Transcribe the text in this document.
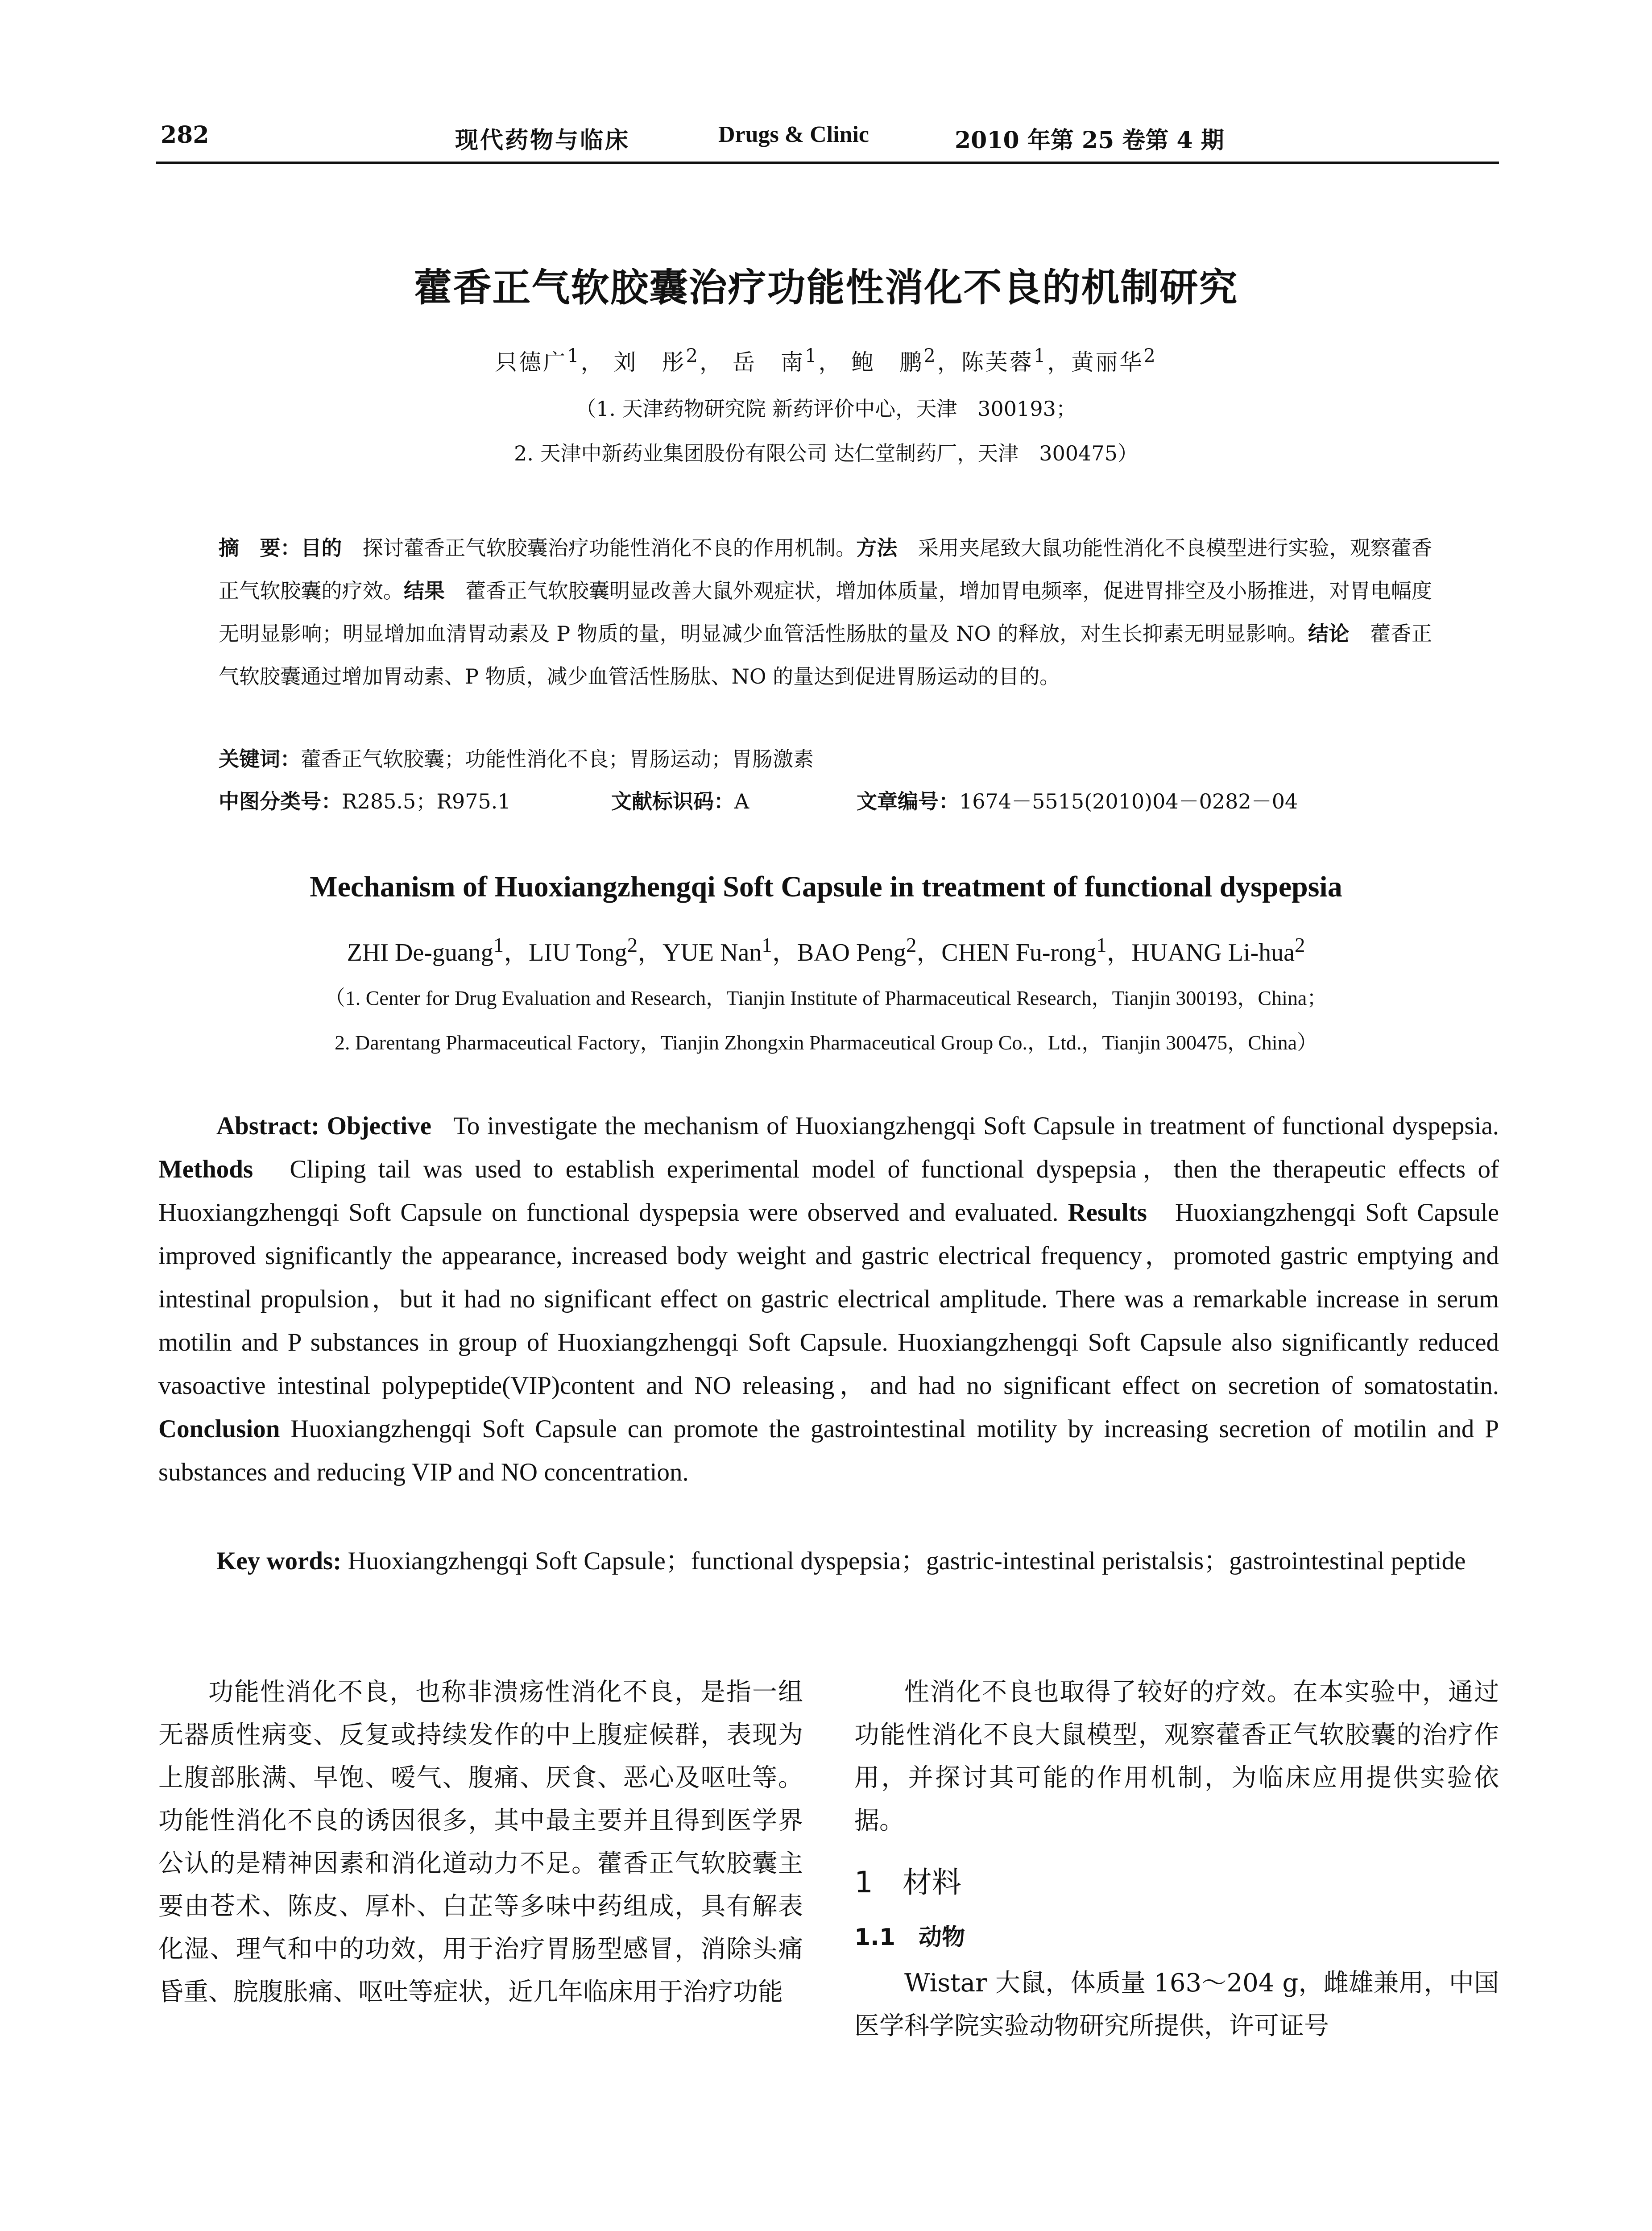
282	现代药物与临床	Drugs & Clinic	2010 年第 25 卷第 4 期
藿香正气软胶囊治疗功能性消化不良的机制研究
只德广$^1$， 刘　彤$^2$， 岳　南$^1$， 鲍　鹏$^2$，陈芙蓉$^1$，黄丽华$^2$
（1. 天津药物研究院 新药评价中心，天津　300193；
2. 天津中新药业集团股份有限公司 达仁堂制药厂，天津　300475）
摘　要：目的　 探讨藿香正气软胶囊治疗功能性消化不良的作用机制。方法　 采用夹尾致大鼠功能性消化不良模型进行实验，观察藿香正气软胶囊的疗效。结果　 藿香正气软胶囊明显改善大鼠外观症状，增加体质量，增加胃电频率，促进胃排空及小肠推进，对胃电幅度无明显影响；明显增加血清胃动素及 P 物质的量，明显减少血管活性肠肽的量及 NO 的释放，对生长抑素无明显影响。结论　 藿香正气软胶囊通过增加胃动素、P 物质，减少血管活性肠肽、NO 的量达到促进胃肠运动的目的。
关键词：藿香正气软胶囊；功能性消化不良；胃肠运动；胃肠激素
中图分类号：R285.5；R975.1	文献标识码：A	文章编号：1674－5515(2010)04－0282－04
Mechanism of Huoxiangzhengqi Soft Capsule in treatment of functional dyspepsia
ZHI De-guang$^1$，LIU Tong$^2$，YUE Nan$^1$，BAO Peng$^2$，CHEN Fu-rong$^1$，HUANG Li-hua$^2$
（1. Center for Drug Evaluation and Research，Tianjin Institute of Pharmaceutical Research，Tianjin 300193，China；
2. Darentang Pharmaceutical Factory，Tianjin Zhongxin Pharmaceutical Group Co.，Ltd.，Tianjin 300475，China）
Abstract: Objective To investigate the mechanism of Huoxiangzhengqi Soft Capsule in treatment of functional dyspepsia. Methods Cliping tail was used to establish experimental model of functional dyspepsia，then the therapeutic effects of Huoxiangzhengqi Soft Capsule on functional dyspepsia were observed and evaluated. Results Huoxiangzhengqi Soft Capsule improved significantly the appearance, increased body weight and gastric electrical frequency，promoted gastric emptying and intestinal propulsion，but it had no significant effect on gastric electrical amplitude. There was a remarkable increase in serum motilin and P substances in group of Huoxiangzhengqi Soft Capsule. Huoxiangzhengqi Soft Capsule also significantly reduced vasoactive intestinal polypeptide(VIP)content and NO releasing，and had no significant effect on secretion of somatostatin. Conclusion Huoxiangzhengqi Soft Capsule can promote the gastrointestinal motility by increasing secretion of motilin and P substances and reducing VIP and NO concentration.
Key words: Huoxiangzhengqi Soft Capsule；functional dyspepsia；gastric-intestinal peristalsis；gastrointestinal peptide

功能性消化不良，也称非溃疡性消化不良，是指一组无器质性病变、反复或持续发作的中上腹症候群，表现为上腹部胀满、早饱、嗳气、腹痛、厌食、恶心及呕吐等。功能性消化不良的诱因很多，其中最主要并且得到医学界公认的是精神因素和消化道动力不足。藿香正气软胶囊主要由苍术、陈皮、厚朴、白芷等多味中药组成，具有解表化湿、理气和中的功效，用于治疗胃肠型感冒，消除头痛昏重、脘腹胀痛、呕吐等症状，近几年临床用于治疗功能

性消化不良也取得了较好的疗效。在本实验中，通过功能性消化不良大鼠模型，观察藿香正气软胶囊的治疗作用，并探讨其可能的作用机制，为临床应用提供实验依据。

1　材料
1.1　动物

Wistar 大鼠，体质量 163～204 g，雌雄兼用，中国医学科学院实验动物研究所提供，许可证号
